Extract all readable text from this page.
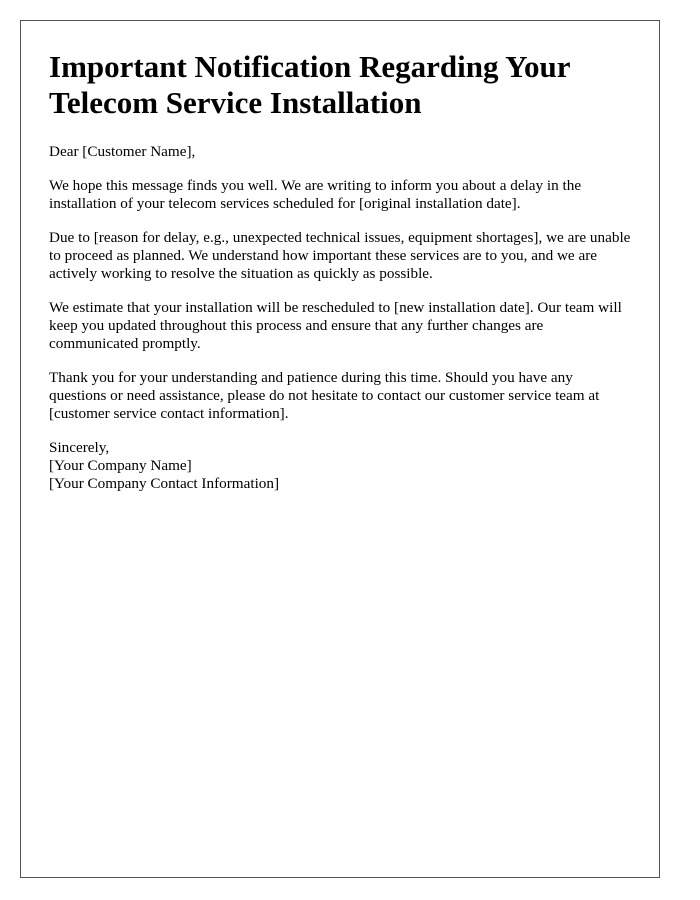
Important Notification Regarding Your Telecom Service Installation

Dear [Customer Name],

We hope this message finds you well. We are writing to inform you about a delay in the installation of your telecom services scheduled for [original installation date].

Due to [reason for delay, e.g., unexpected technical issues, equipment shortages], we are unable to proceed as planned. We understand how important these services are to you, and we are actively working to resolve the situation as quickly as possible.

We estimate that your installation will be rescheduled to [new installation date]. Our team will keep you updated throughout this process and ensure that any further changes are communicated promptly.

Thank you for your understanding and patience during this time. Should you have any questions or need assistance, please do not hesitate to contact our customer service team at [customer service contact information].

Sincerely,
[Your Company Name]
[Your Company Contact Information]
